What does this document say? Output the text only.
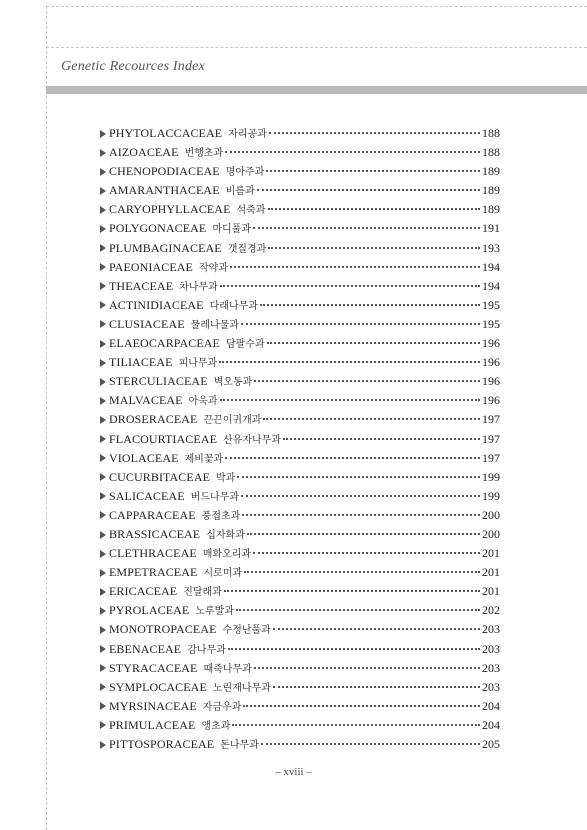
Genetic Recources Index
PHYTOLACCACEAE 자리공과	188
AIZOACEAE 번행초과	188
CHENOPODIACEAE 명아주과	189
AMARANTHACEAE 비름과	189
CARYOPHYLLACEAE 석죽과	189
POLYGONACEAE 마디풀과	191
PLUMBAGINACEAE 갯질경과	193
PAEONIACEAE 작약과	194
THEACEAE 차나무과	194
ACTINIDIACEAE 다래나무과	195
CLUSIACEAE 물레나물과	195
ELAEOCARPACEAE 담팔수과	196
TILIACEAE 피나무과	196
STERCULIACEAE 벽오동과	196
MALVACEAE 아욱과	196
DROSERACEAE 끈끈이귀개과	197
FLACOURTIACEAE 산유자나무과	197
VIOLACEAE 제비꽃과	197
CUCURBITACEAE 박과	199
SALICACEAE 버드나무과	199
CAPPARACEAE 풍접초과	200
BRASSICACEAE 십자화과	200
CLETHRACEAE 매화오리과	201
EMPETRACEAE 시로미과	201
ERICACEAE 진달래과	201
PYROLACEAE 노루발과	202
MONOTROPACEAE 수정난풀과	203
EBENACEAE 감나무과	203
STYRACACEAE 때죽나무과	203
SYMPLOCACEAE 노린재나무과	203
MYRSINACEAE 자금우과	204
PRIMULACEAE 앵초과	204
PITTOSPORACEAE 돈나무과	205
– xviii –
